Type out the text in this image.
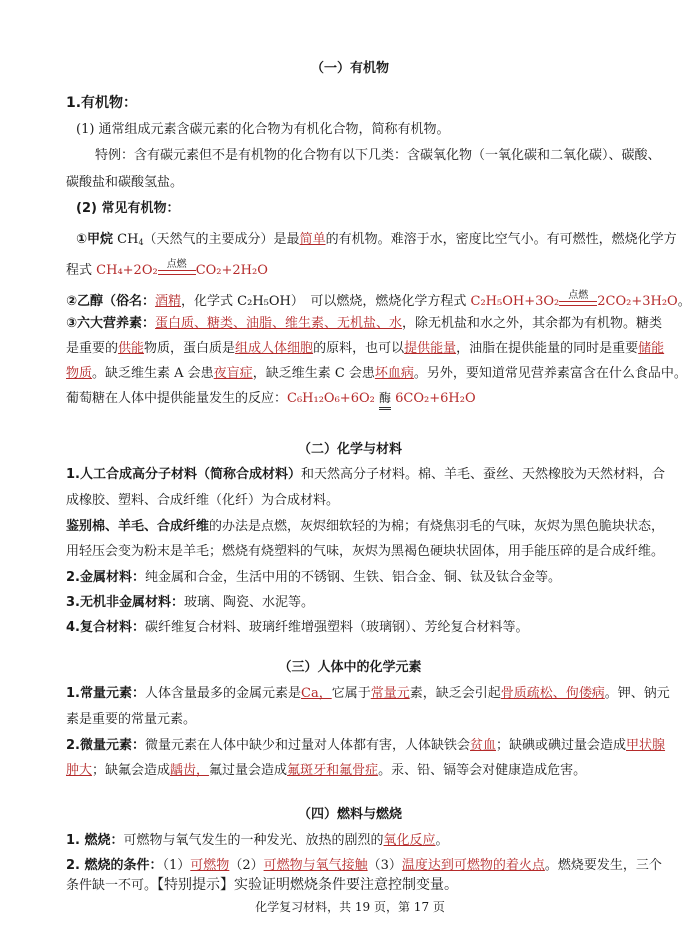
（一）有机物
1.有机物：
(1) 通常组成元素含碳元素的化合物为有机化合物，简称有机物。
特例：含有碳元素但不是有机物的化合物有以下几类：含碳氧化物（一氧化碳和二氧化碳）、碳酸、
碳酸盐和碳酸氢盐。
(2) 常见有机物：
①甲烷 $CH_4$（天然气的主要成分）是最简单的有机物。难溶于水，密度比空气小。有可燃性，燃烧化学方
程式 CH₄+2O₂ 点燃 CO₂+2H₂O
②乙醇（俗名：酒精，化学式 C₂H₅OH）　可以燃烧，燃烧化学方程式 C₂H₅OH+3O₂ 点燃 2CO₂+3H₂O。
③六大营养素：蛋白质、糖类、油脂、维生素、无机盐、水，除无机盐和水之外，其余都为有机物。糖类
是重要的供能物质，蛋白质是组成人体细胞的原料，也可以提供能量，油脂在提供能量的同时是重要储能
物质。缺乏维生素 A 会患夜盲症，缺乏维生素 C 会患坏血病。另外，要知道常见营养素富含在什么食品中。
葡萄糖在人体中提供能量发生的反应：C₆H₁₂O₆+6O₂ 酶 6CO₂+6H₂O
（二）化学与材料
1.人工合成高分子材料（简称合成材料）和天然高分子材料。棉、羊毛、蚕丝、天然橡胶为天然材料，合
成橡胶、塑料、合成纤维（化纤）为合成材料。
鉴别棉、羊毛、合成纤维的办法是点燃，灰烬细软轻的为棉；有烧焦羽毛的气味，灰烬为黑色脆块状态，
用轻压会变为粉末是羊毛；燃烧有烧塑料的气味，灰烬为黑褐色硬块状固体，用手能压碎的是合成纤维。
2.金属材料：纯金属和合金，生活中用的不锈钢、生铁、铝合金、铜、钛及钛合金等。
3.无机非金属材料：玻璃、陶瓷、水泥等。
4.复合材料：碳纤维复合材料、玻璃纤维增强塑料（玻璃钢）、芳纶复合材料等。
（三）人体中的化学元素
1.常量元素：人体含量最多的金属元素是Ca，它属于常量元素，缺乏会引起骨质疏松、佝偻病。钾、钠元
素是重要的常量元素。
2.微量元素：微量元素在人体中缺少和过量对人体都有害，人体缺铁会贫血；缺碘或碘过量会造成甲状腺
肿大；缺氟会造成龋齿，氟过量会造成氟斑牙和氟骨症。汞、铅、镉等会对健康造成危害。
（四）燃料与燃烧
1. 燃烧：可燃物与氧气发生的一种发光、放热的剧烈的氧化反应。
2. 燃烧的条件：（1）可燃物（2）可燃物与氧气接触（3）温度达到可燃物的着火点。燃烧要发生，三个
条件缺一不可。【特别提示】实验证明燃烧条件要注意控制变量。
化学复习材料，共 19 页，第 17 页
